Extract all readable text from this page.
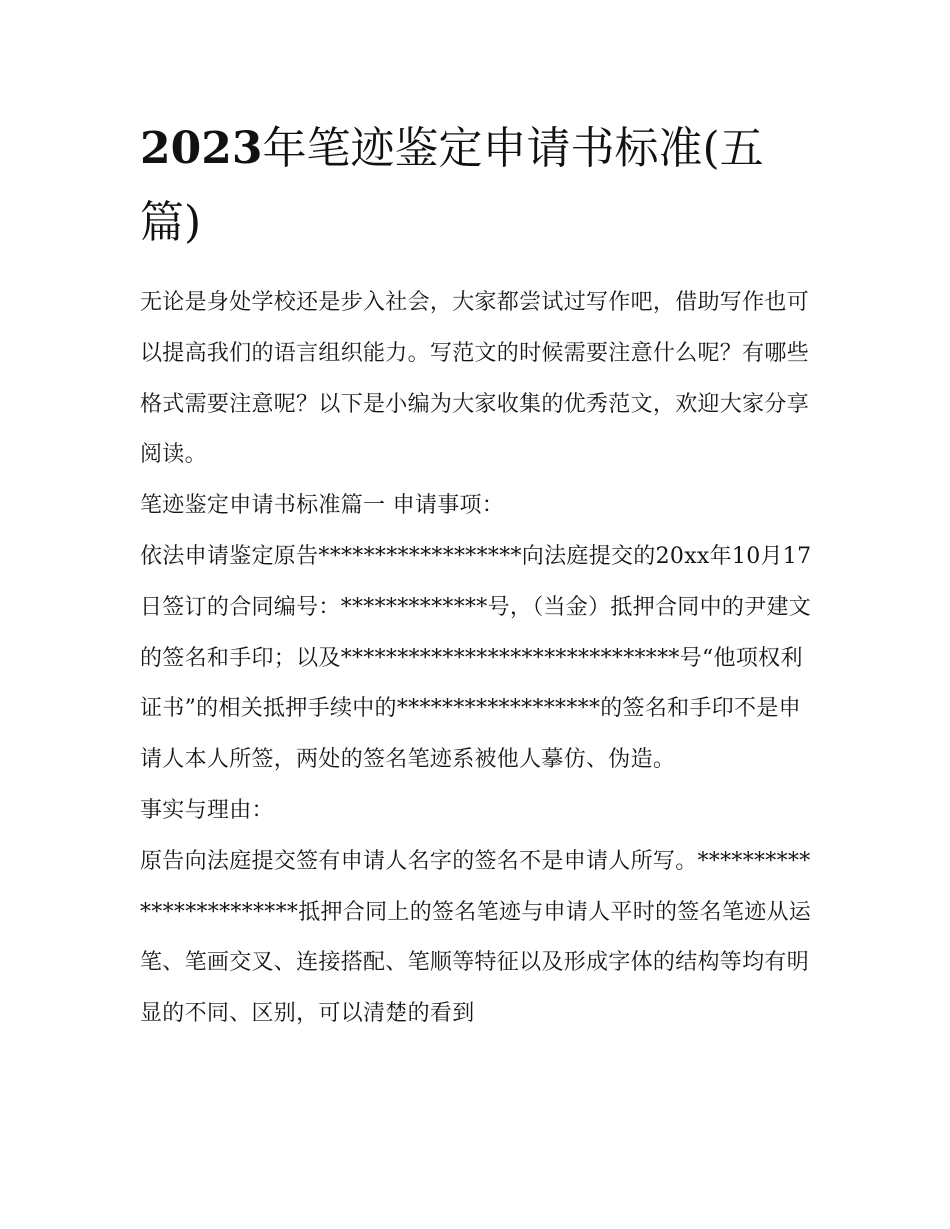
2023年笔迹鉴定申请书标准(五篇)

无论是身处学校还是步入社会，大家都尝试过写作吧，借助写作也可以提高我们的语言组织能力。写范文的时候需要注意什么呢？有哪些格式需要注意呢？以下是小编为大家收集的优秀范文，欢迎大家分享阅读。

笔迹鉴定申请书标准篇一 申请事项：

依法申请鉴定原告******************向法庭提交的20xx年10月17日签订的合同编号：*************号，（当金）抵押合同中的尹建文的签名和手印；以及******************************号“他项权利证书”的相关抵押手续中的******************的签名和手印不是申请人本人所签，两处的签名笔迹系被他人摹仿、伪造。

事实与理由：

原告向法庭提交签有申请人名字的签名不是申请人所写。************************抵押合同上的签名笔迹与申请人平时的签名笔迹从运笔、笔画交叉、连接搭配、笔顺等特征以及形成字体的结构等均有明显的不同、区别，可以清楚的看到
